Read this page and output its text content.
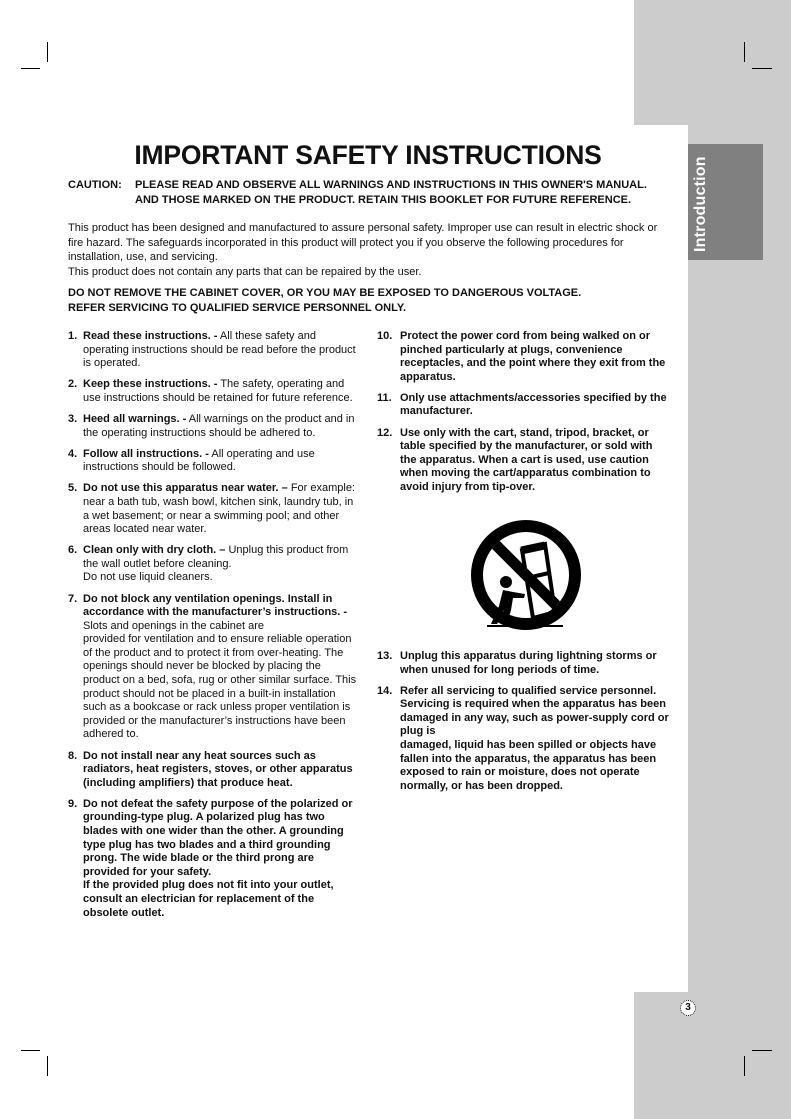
Introduction
3
IMPORTANT SAFETY INSTRUCTIONS
CAUTION: PLEASE READ AND OBSERVE ALL WARNINGS AND INSTRUCTIONS IN THIS OWNER'S MANUAL. AND THOSE MARKED ON THE PRODUCT. RETAIN THIS BOOKLET FOR FUTURE REFERENCE.

This product has been designed and manufactured to assure personal safety. Improper use can result in electric shock or fire hazard. The safeguards incorporated in this product will protect you if you observe the following procedures for installation, use, and servicing.

This product does not contain any parts that can be repaired by the user.

DO NOT REMOVE THE CABINET COVER, OR YOU MAY BE EXPOSED TO DANGEROUS VOLTAGE.

REFER SERVICING TO QUALIFIED SERVICE PERSONNEL ONLY.

1. Read these instructions. - All these safety and operating instructions should be read before the product is operated.
2. Keep these instructions. - The safety, operating and use instructions should be retained for future reference.
3. Heed all warnings. - All warnings on the product and in the operating instructions should be adhered to.
4. Follow all instructions. - All operating and use instructions should be followed.
5. Do not use this apparatus near water. – For example: near a bath tub, wash bowl, kitchen sink, laundry tub, in a wet basement; or near a swimming pool; and other areas located near water.
6. Clean only with dry cloth. – Unplug this product from the wall outlet before cleaning.
Do not use liquid cleaners.
7. Do not block any ventilation openings. Install in accordance with the manufacturer’s instructions. -
Slots and openings in the cabinet are
provided for ventilation and to ensure reliable operation of the product and to protect it from over-heating. The openings should never be blocked by placing the product on a bed, sofa, rug or other similar surface. This product should not be placed in a built-in installation such as a bookcase or rack unless proper ventilation is
provided or the manufacturer’s instructions have been adhered to.
8. Do not install near any heat sources such as radiators, heat registers, stoves, or other apparatus (including amplifiers) that produce heat.
9. Do not defeat the safety purpose of the polarized or grounding-type plug. A polarized plug has two blades with one wider than the other. A grounding type plug has two blades and a third grounding prong. The wide blade or the third prong are provided for your safety.
If the provided plug does not fit into your outlet, consult an electrician for replacement of the obsolete outlet.
10. Protect the power cord from being walked on or pinched particularly at plugs, convenience receptacles, and the point where they exit from the apparatus.
11. Only use attachments/accessories specified by the manufacturer.
12. Use only with the cart, stand, tripod, bracket, or table specified by the manufacturer, or sold with the apparatus. When a cart is used, use caution when moving the cart/apparatus combination to avoid injury from tip-over.
13. Unplug this apparatus during lightning storms or when unused for long periods of time.
14. Refer all servicing to qualified service personnel. Servicing is required when the apparatus has been damaged in any way, such as power-supply cord or plug is
damaged, liquid has been spilled or objects have fallen into the apparatus, the apparatus has been exposed to rain or moisture, does not operate normally, or has been dropped.
